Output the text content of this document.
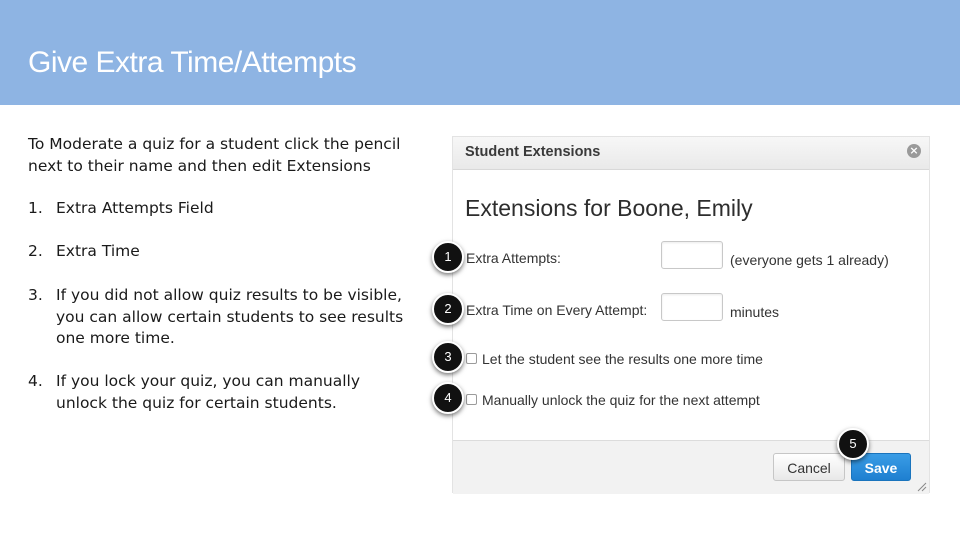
Give Extra Time/Attempts

To Moderate a quiz for a student click the pencil next to their name and then edit Extensions

1. Extra Attempts Field
2. Extra Time
3. If you did not allow quiz results to be visible, you can allow certain students to see results one more time.
4. If you lock your quiz, you can manually unlock the quiz for certain students.
Student Extensions	×
Extensions for Boone, Emily
Extra Attempts:	(everyone gets 1 already)
Extra Time on Every Attempt:	minutes
Let the student see the results one more time
Manually unlock the quiz for the next attempt
Cancel	Save
1
2
3
4
5
